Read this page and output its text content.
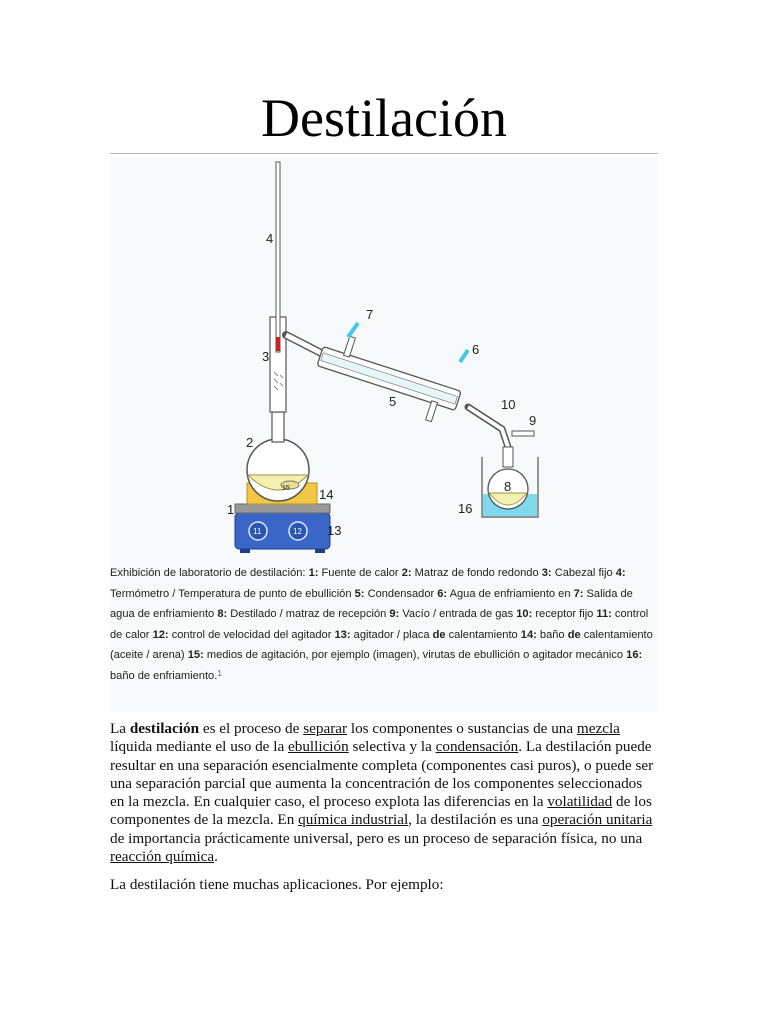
Destilación
11	12
15
4
3
2
1
14
13
7
6
5	10
9
8
16
Exhibición de laboratorio de destilación: 1: Fuente de calor 2: Matraz de fondo redondo 3: Cabezal fijo 4: Termómetro / Temperatura de punto de ebullición 5: Condensador 6: Agua de enfriamiento en 7: Salida de agua de enfriamiento 8: Destilado / matraz de recepción 9: Vacío / entrada de gas 10: receptor fijo 11: control de calor 12: control de velocidad del agitador 13: agitador / placa de calentamiento 14: baño de calentamiento (aceite / arena) 15: medios de agitación, por ejemplo (imagen), virutas de ebullición o agitador mecánico 16: baño de enfriamiento.$^1$

La destilación es el proceso de separar los componentes o sustancias de una mezcla líquida mediante el uso de la ebullición selectiva y la condensación. La destilación puede resultar en una separación esencialmente completa (componentes casi puros), o puede ser una separación parcial que aumenta la concentración de los componentes seleccionados en la mezcla. En cualquier caso, el proceso explota las diferencias en la volatilidad de los componentes de la mezcla. En química industrial, la destilación es una operación unitaria de importancia prácticamente universal, pero es un proceso de separación física, no una reacción química.

La destilación tiene muchas aplicaciones. Por ejemplo:
